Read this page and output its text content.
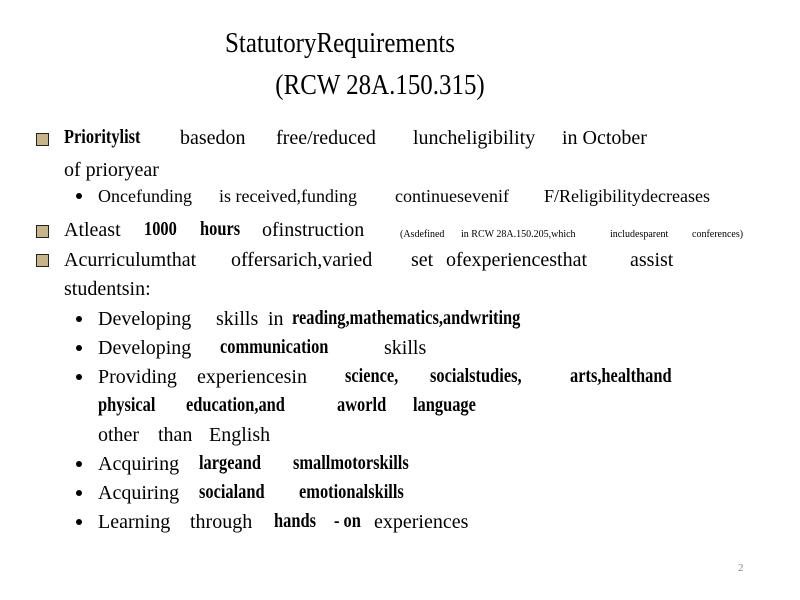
StatutoryRequirements
(RCW 28A.150.315)
Prioritylist basedon free/reduced luncheligibility in October
of prioryear
Oncefunding is received,funding continuesevenif F/Religibilitydecreases
Atleast 1000 hours ofinstruction	(Asdefined in RCW 28A.150.205,which	includesparent conferences)
Acurriculumthat offersarich,varied set ofexperiencesthat assist
studentsin:
Developing skills in reading,mathematics,andwriting
Developing communication	skills
Providing experiencesin science, socialstudies, arts,healthand
physical education,and	aworld language
other than English
Acquiring largeand smallmotorskills
Acquiring socialand emotionalskills
Learning through hands - on experiences
2
